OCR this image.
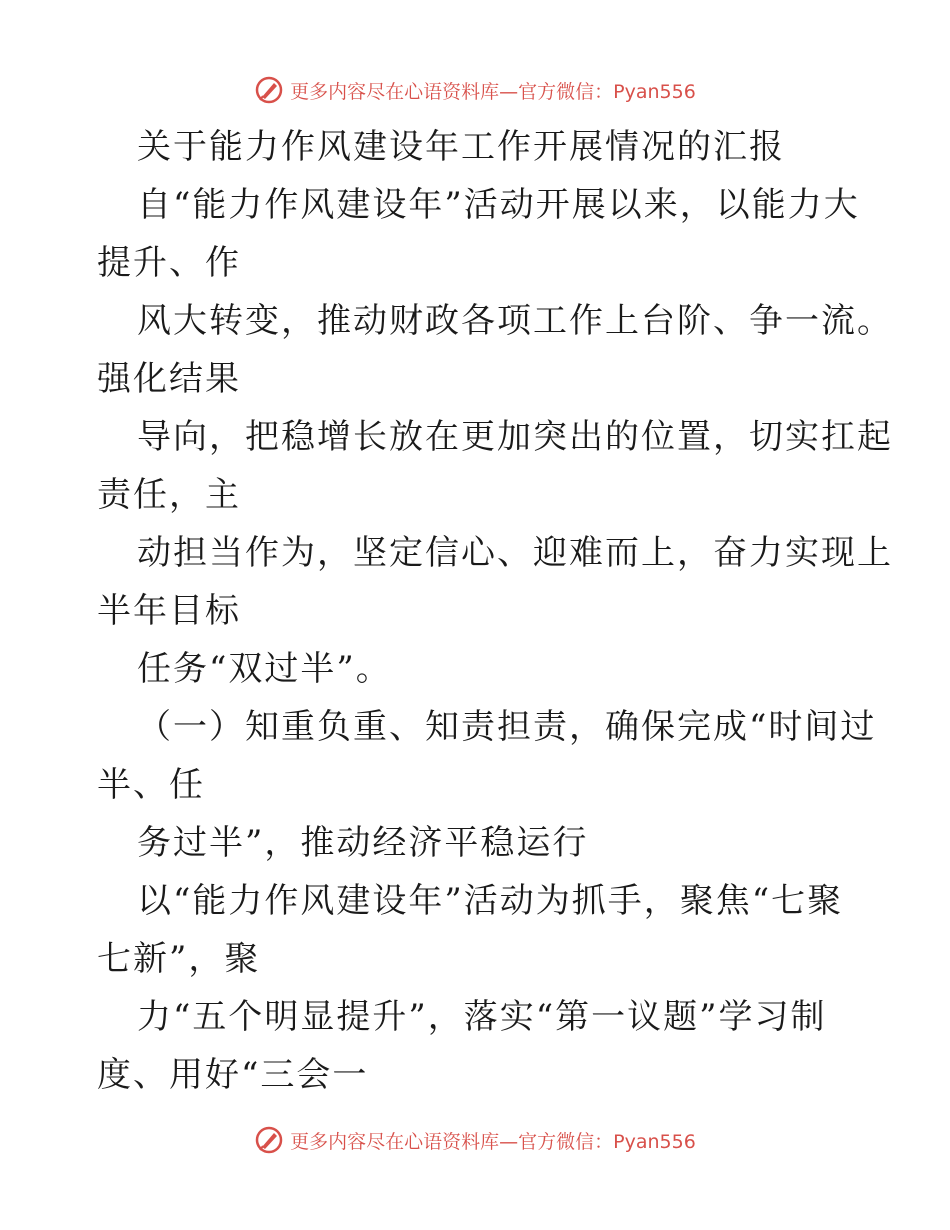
更多内容尽在心语资料库—官方微信：Pyan556
关于能力作风建设年工作开展情况的汇报
自“能力作风建设年”活动开展以来，以能力大
提升、作
风大转变，推动财政各项工作上台阶、争一流。
强化结果
导向，把稳增长放在更加突出的位置，切实扛起
责任，主
动担当作为，坚定信心、迎难而上，奋力实现上
半年目标
任务“双过半”。
（一）知重负重、知责担责，确保完成“时间过
半、任
务过半”，推动经济平稳运行
以“能力作风建设年”活动为抓手，聚焦“七聚
七新”，聚
力“五个明显提升”，落实“第一议题”学习制
度、用好“三会一
更多内容尽在心语资料库—官方微信：Pyan556
